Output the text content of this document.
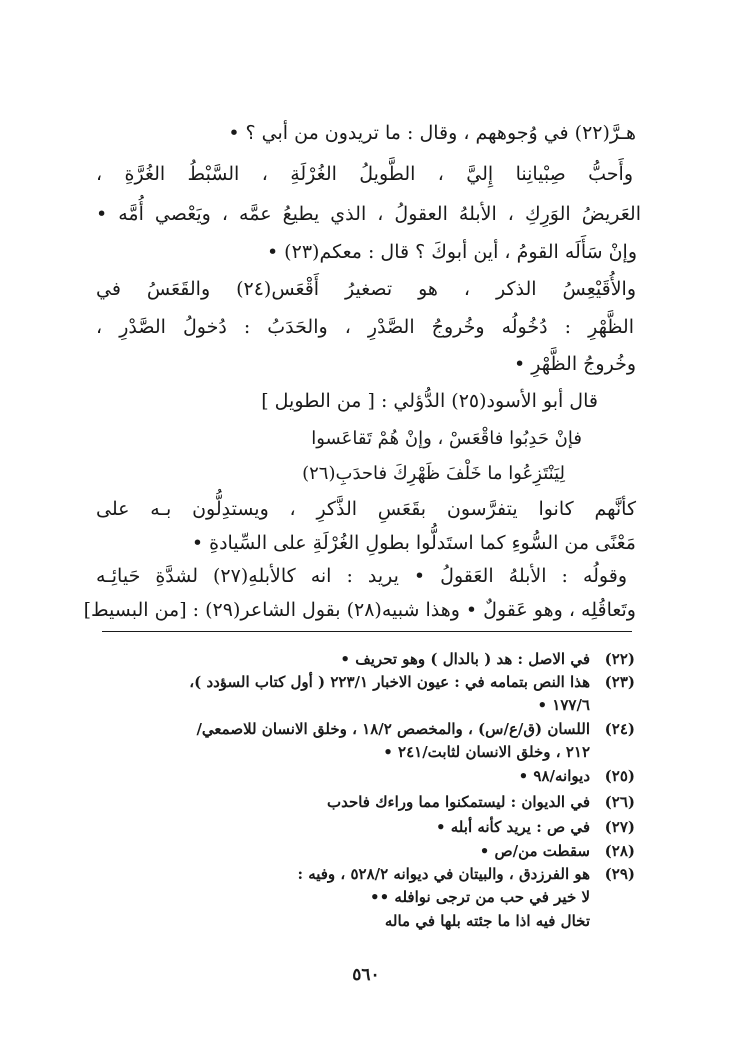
هـرَّ(٢٢) في وُجوههم ، وقال : ما تريدون من أبي ؟ •
وأَحبُّ صِبْيانِنا إِليَّ ، الطَّويلُ الغُرْلَةِ ، السَّبْطُ الغُرَّةِ ،
العَريضُ الوَرِكِ ، الأبلهُ العقولُ ، الذي يطيعُ عمَّه ، ويَعْصي أُمَّه •
وإنْ سَأَلَه القومُ ، أين أبوكَ ؟ قال : معكم(٢٣) •
والأُقَيْعِسُ الذكر ، هو تصغيرُ أَقْعَس(٢٤) والقَعَسُ في
الظَّهْرِ : دُخُولُه وخُروجُ الصَّدْرِ ، والحَدَبُ : دُخولُ الصَّدْرِ ،
وخُروجُ الظَّهْرِ •
قال أبو الأسود(٢٥) الدُّؤلي : [ من الطويل ]
فإنْ حَدِبُوا فاقْعَسْ ، وإنْ هُمْ تَقاعَسوا
لِيَنْتَزِعُوا ما خَلْفَ ظَهْرِكَ فاحدَبِ(٢٦)
كأنَّهم كانوا يتفرَّسون بقَعَسِ الذَّكرِ ، ويستدِلُّون بـه على
مَعْنًى من السُّوءِ كما استَدلُّوا بطولِ الغُرْلَةِ على السِّيادةِ •
وقولُه : الأبلهُ العَقولُ • يريد : انه كالأبلهِ(٢٧) لشدَّةِ حَيائِـه
وتَعاقُلِه ، وهو عَقولٌ • وهذا شبيه(٢٨) بقول الشاعر(٢٩) : [من البسيط]
(٢٢)
في الاصل : هد ( بالدال ) وهو تحريف •
(٢٣)
هذا النص بتمامه في : عيون الاخبار ٢٢٣/١ ( أول كتاب السؤدد )،
١٧٧/٦ •
(٢٤)
اللسان (ق/ع/س) ، والمخصص ١٨/٢ ، وخلق الانسان للاصمعي/
٢١٢ ، وخلق الانسان لثابت/٢٤١ •
(٢٥)
ديوانه/٩٨ •
(٢٦)
في الديوان : ليستمكنوا مما وراءك فاحدب
(٢٧)
في ص : يريد كأنه أبله •
(٢٨)
سقطت من/ص •
(٢٩)
هو الفرزدق ، والبيتان في ديوانه ٥٢٨/٢ ، وفيه :
لا خير في حب من ترجى نوافله ••
تخال فيه اذا ما جئته بلها في ماله
٥٦٠
